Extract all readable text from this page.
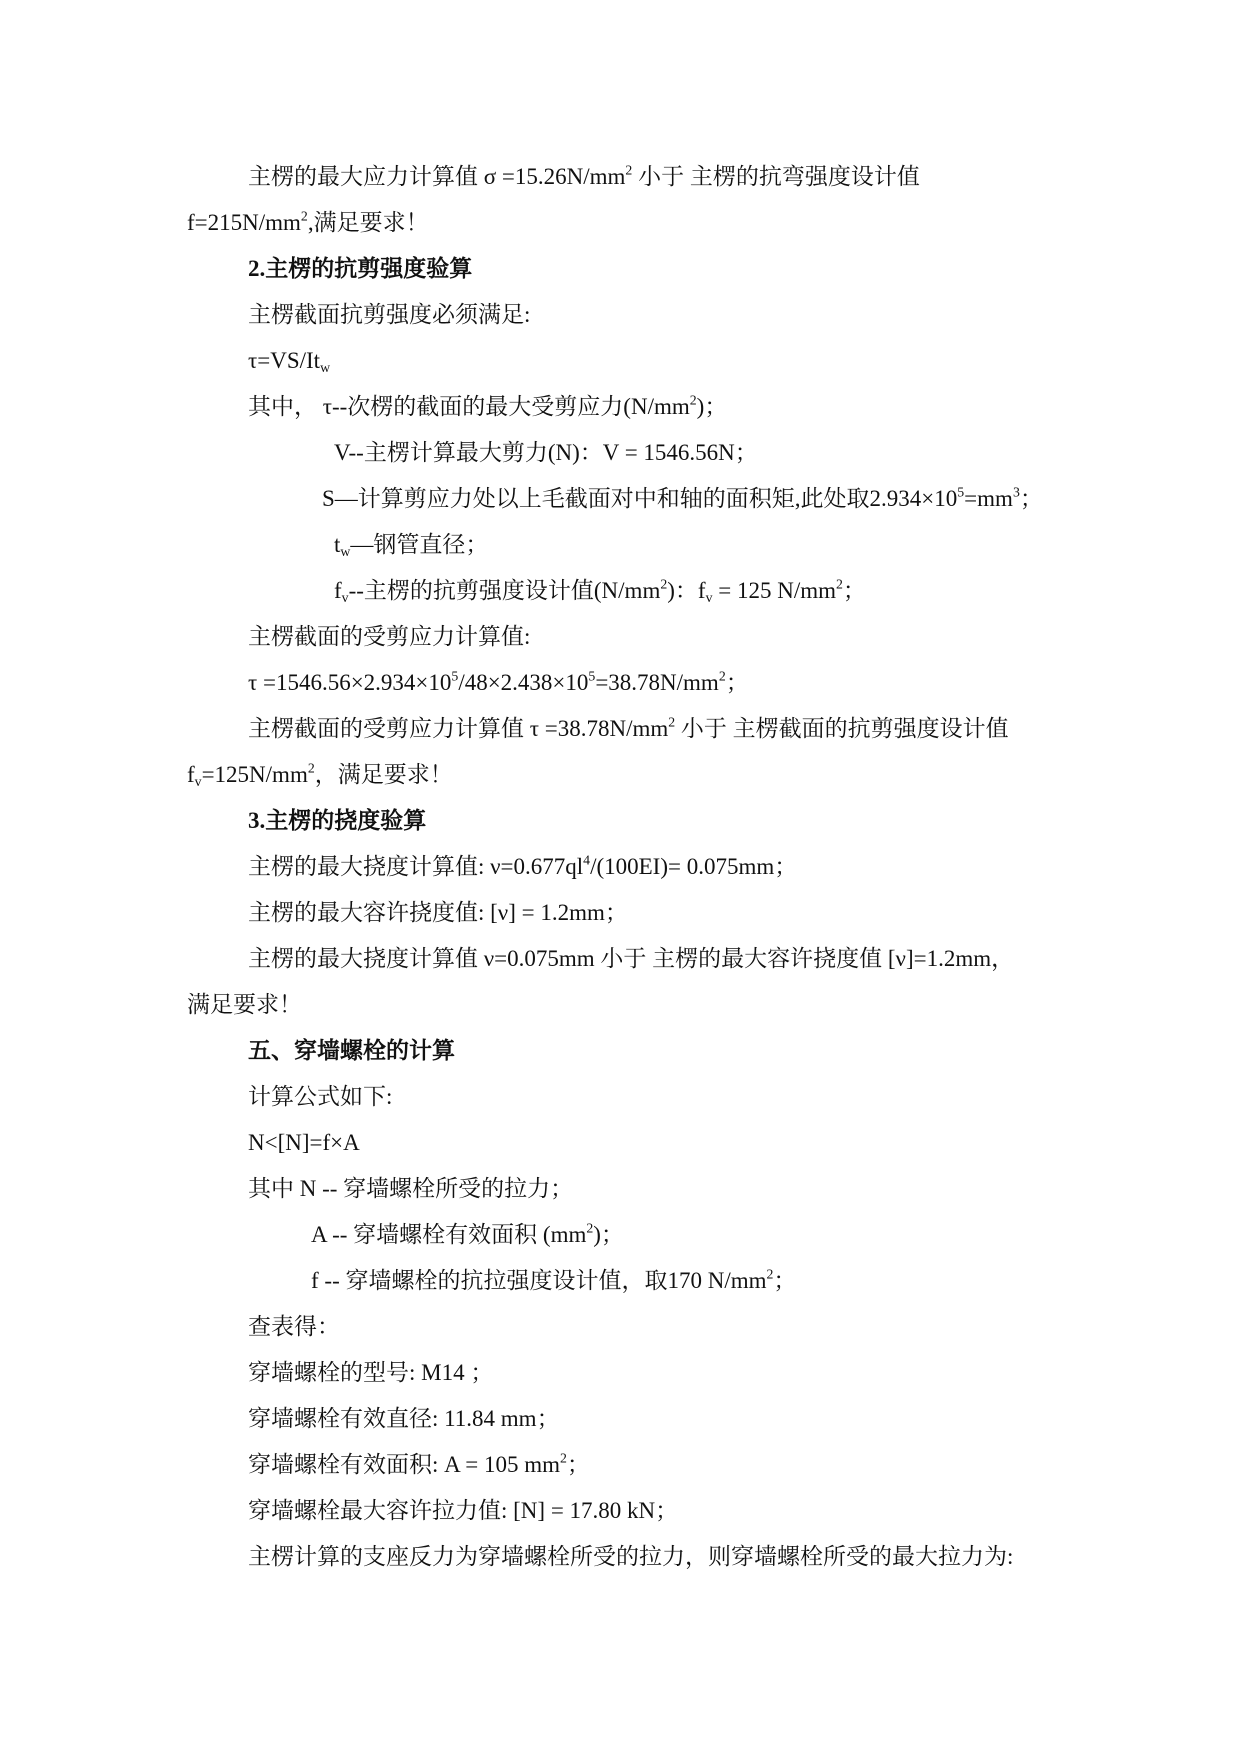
主楞的最大应力计算值 $\sigma =15.26N/mm^2$ 小于 主楞的抗弯强度设计值
$f=215N/mm^2$,满足要求！
2.主楞的抗剪强度验算
主楞截面抗剪强度必须满足:
$\tau=VS/It_w$
其中， τ--次楞的截面的最大受剪应力$(N/mm^2)$；
V--主楞计算最大剪力(N)：V = 1546.56N；
S—计算剪应力处以上毛截面对中和轴的面积矩,此处取$2.934\times 10^5=mm^3$；
$t_w—$钢管直径；
$f_v--$主楞的抗剪强度设计值$(N/mm^2)$：$f_v = 125$ $N/mm^2$；
主楞截面的受剪应力计算值:
$\tau =1546.56\times 2.934\times 10^5/48\times 2.438\times 10^5=38.78N/mm^2$；
主楞截面的受剪应力计算值 $\tau =38.78N/mm^2$ 小于 主楞截面的抗剪强度设计值
$f_v=125N/mm^2$，满足要求！
3.主楞的挠度验算
主楞的最大挠度计算值: $\nu=0.677ql^4/(100EI)= 0.075mm$；
主楞的最大容许挠度值: [ν] = 1.2mm；
主楞的最大挠度计算值 ν=0.075mm 小于 主楞的最大容许挠度值 [ν]=1.2mm，
满足要求！
五、穿墙螺栓的计算
计算公式如下:
N<[N]=f×A
其中 N -- 穿墙螺栓所受的拉力；
A -- 穿墙螺栓有效面积 $(mm^2)$；
f -- 穿墙螺栓的抗拉强度设计值，取170 $N/mm^2$；
查表得：
穿墙螺栓的型号: M14 ；
穿墙螺栓有效直径: 11.84 mm；
穿墙螺栓有效面积: A = 105 $mm^2$；
穿墙螺栓最大容许拉力值: [N] = 17.80 kN；
主楞计算的支座反力为穿墙螺栓所受的拉力，则穿墙螺栓所受的最大拉力为:
